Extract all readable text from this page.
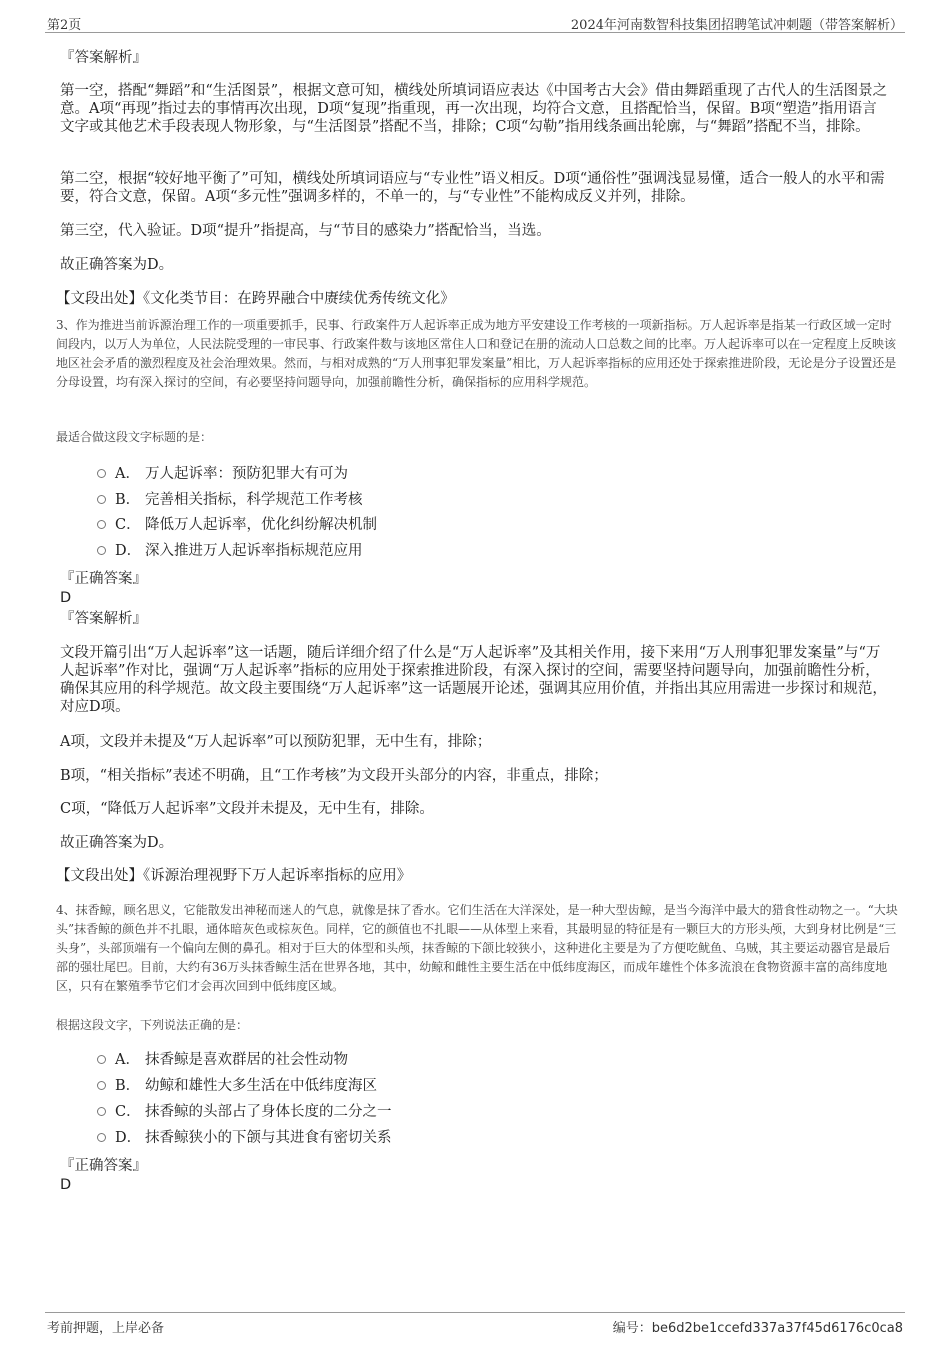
第2页	2024年河南数智科技集团招聘笔试冲刺题（带答案解析）
『答案解析』
第一空，搭配“舞蹈”和“生活图景”，根据文意可知，横线处所填词语应表达《中国考古大会》借由舞蹈重现了古代人的生活图景之意。A项“再现”指过去的事情再次出现，D项“复现”指重现，再一次出现，均符合文意，且搭配恰当，保留。B项“塑造”指用语言文字或其他艺术手段表现人物形象，与“生活图景”搭配不当，排除；C项“勾勒”指用线条画出轮廓，与“舞蹈”搭配不当，排除。
第二空，根据“较好地平衡了”可知，横线处所填词语应与“专业性”语义相反。D项“通俗性”强调浅显易懂，适合一般人的水平和需要，符合文意，保留。A项“多元性”强调多样的，不单一的，与“专业性”不能构成反义并列，排除。
第三空，代入验证。D项“提升”指提高，与“节目的感染力”搭配恰当，当选。
故正确答案为D。
【文段出处】《文化类节目：在跨界融合中赓续优秀传统文化》
3、作为推进当前诉源治理工作的一项重要抓手，民事、行政案件万人起诉率正成为地方平安建设工作考核的一项新指标。万人起诉率是指某一行政区域一定时间段内，以万人为单位，人民法院受理的一审民事、行政案件数与该地区常住人口和登记在册的流动人口总数之间的比率。万人起诉率可以在一定程度上反映该地区社会矛盾的激烈程度及社会治理效果。然而，与相对成熟的“万人刑事犯罪发案量”相比，万人起诉率指标的应用还处于探索推进阶段，无论是分子设置还是分母设置，均有深入探讨的空间，有必要坚持问题导向，加强前瞻性分析，确保指标的应用科学规范。
最适合做这段文字标题的是：
A． 万人起诉率：预防犯罪大有可为
B． 完善相关指标，科学规范工作考核
C． 降低万人起诉率，优化纠纷解决机制
D． 深入推进万人起诉率指标规范应用
『正确答案』
D
『答案解析』
文段开篇引出“万人起诉率”这一话题，随后详细介绍了什么是“万人起诉率”及其相关作用，接下来用“万人刑事犯罪发案量”与“万人起诉率”作对比，强调“万人起诉率”指标的应用处于探索推进阶段，有深入探讨的空间，需要坚持问题导向，加强前瞻性分析，确保其应用的科学规范。故文段主要围绕“万人起诉率”这一话题展开论述，强调其应用价值，并指出其应用需进一步探讨和规范，对应D项。
A项，文段并未提及“万人起诉率”可以预防犯罪，无中生有，排除；
B项，“相关指标”表述不明确，且“工作考核”为文段开头部分的内容，非重点，排除；
C项，“降低万人起诉率”文段并未提及，无中生有，排除。
故正确答案为D。
【文段出处】《诉源治理视野下万人起诉率指标的应用》
4、抹香鲸，顾名思义，它能散发出神秘而迷人的气息，就像是抹了香水。它们生活在大洋深处，是一种大型齿鲸，是当今海洋中最大的猎食性动物之一。“大块头”抹香鲸的颜色并不扎眼，通体暗灰色或棕灰色。同样，它的颜值也不扎眼——从体型上来看，其最明显的特征是有一颗巨大的方形头颅，大到身材比例是“三头身”，头部顶端有一个偏向左侧的鼻孔。相对于巨大的体型和头颅，抹香鲸的下颌比较狭小，这种进化主要是为了方便吃鱿鱼、乌贼，其主要运动器官是最后部的强壮尾巴。目前，大约有36万头抹香鲸生活在世界各地，其中，幼鲸和雌性主要生活在中低纬度海区，而成年雄性个体多流浪在食物资源丰富的高纬度地区，只有在繁殖季节它们才会再次回到中低纬度区域。
根据这段文字，下列说法正确的是：
A． 抹香鲸是喜欢群居的社会性动物
B． 幼鲸和雄性大多生活在中低纬度海区
C． 抹香鲸的头部占了身体长度的二分之一
D． 抹香鲸狭小的下颌与其进食有密切关系
『正确答案』
D
考前押题，上岸必备	编号：be6d2be1ccefd337a37f45d6176c0ca8
